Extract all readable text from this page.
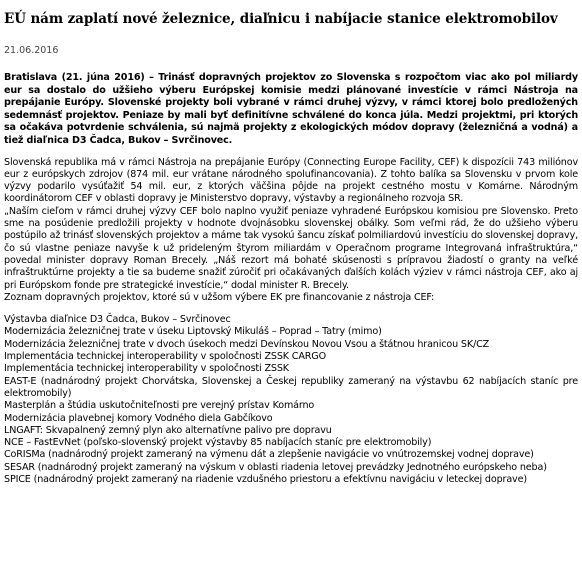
EÚ nám zaplatí nové železnice, diaľnicu i nabíjacie stanice elektromobilov
21.06.2016

Bratislava (21. júna 2016) – Trinásť dopravných projektov zo Slovenska s rozpočtom viac ako pol miliardy eur sa dostalo do užšieho výberu Európskej komisie medzi plánované investície v rámci Nástroja na prepájanie Európy. Slovenské projekty boli vybrané v rámci druhej výzvy, v rámci ktorej bolo predložených sedemnásť projektov. Peniaze by mali byť definitívne schválené do konca júla. Medzi projektmi, pri ktorých sa očakáva potvrdenie schválenia, sú najmä projekty z ekologických módov dopravy (železničná a vodná) a tiež diaľnica D3 Čadca, Bukov – Svrčinovec.

Slovenská republika má v rámci Nástroja na prepájanie Európy (Connecting Europe Facility, CEF) k dispozícii 743 miliónov eur z európskych zdrojov (874 mil. eur vrátane národného spolufinancovania). Z tohto balíka sa Slovensku v prvom kole výzvy podarilo vysúťažiť 54 mil. eur, z ktorých väčšina pôjde na projekt cestného mostu v Komárne. Národným koordinátorom CEF v oblasti dopravy je Ministerstvo dopravy, výstavby a regionálneho rozvoja SR.

„Naším cieľom v rámci druhej výzvy CEF bolo naplno využiť peniaze vyhradené Európskou komisiou pre Slovensko. Preto sme na posúdenie predložili projekty v hodnote dvojnásobku slovenskej obálky. Som veľmi rád, že do užšieho výberu postúpilo až trinásť slovenských projektov a máme tak vysokú šancu získať polmiliardovú investíciu do slovenskej dopravy, čo sú vlastne peniaze navyše k už prideleným štyrom miliardám v Operačnom programe Integrovaná infraštruktúra,“ povedal minister dopravy Roman Brecely. „Náš rezort má bohaté skúsenosti s prípravou žiadostí o granty na veľké infraštruktúrne projekty a tie sa budeme snažiť zúročiť pri očakávaných ďalších kolách výziev v rámci nástroja CEF, ako aj pri Európskom fonde pre strategické investície,“ dodal minister R. Brecely.

Zoznam dopravných projektov, ktoré sú v užšom výbere EK pre financovanie z nástroja CEF:

Výstavba diaľnice D3 Čadca, Bukov – Svrčinovec
Modernizácia železničnej trate v úseku Liptovský Mikuláš – Poprad – Tatry (mimo)
Modernizácia železničnej trate v dvoch úsekoch medzi Devínskou Novou Vsou a štátnou hranicou SK/CZ
Implementácia technickej interoperability v spoločnosti ZSSK CARGO
Implementácia technickej interoperability v spoločnosti ZSSK
EAST-E (nadnárodný projekt Chorvátska, Slovenskej a Českej republiky zameraný na výstavbu 62 nabíjacích staníc pre elektromobily)
Masterplán a štúdia uskutočniteľnosti pre verejný prístav Komárno
Modernizácia plavebnej komory Vodného diela Gabčíkovo
LNGAFT: Skvapalnený zemný plyn ako alternatívne palivo pre dopravu
NCE – FastEvNet (poľsko-slovenský projekt výstavby 85 nabíjacích staníc pre elektromobily)
CoRISMa (nadnárodný projekt zameraný na výmenu dát a zlepšenie navigácie vo vnútrozemskej vodnej doprave)
SESAR (nadnárodný projekt zameraný na výskum v oblasti riadenia letovej prevádzky Jednotného európskeho neba)
SPICE (nadnárodný projekt zameraný na riadenie vzdušného priestoru a efektívnu navigáciu v leteckej doprave)
